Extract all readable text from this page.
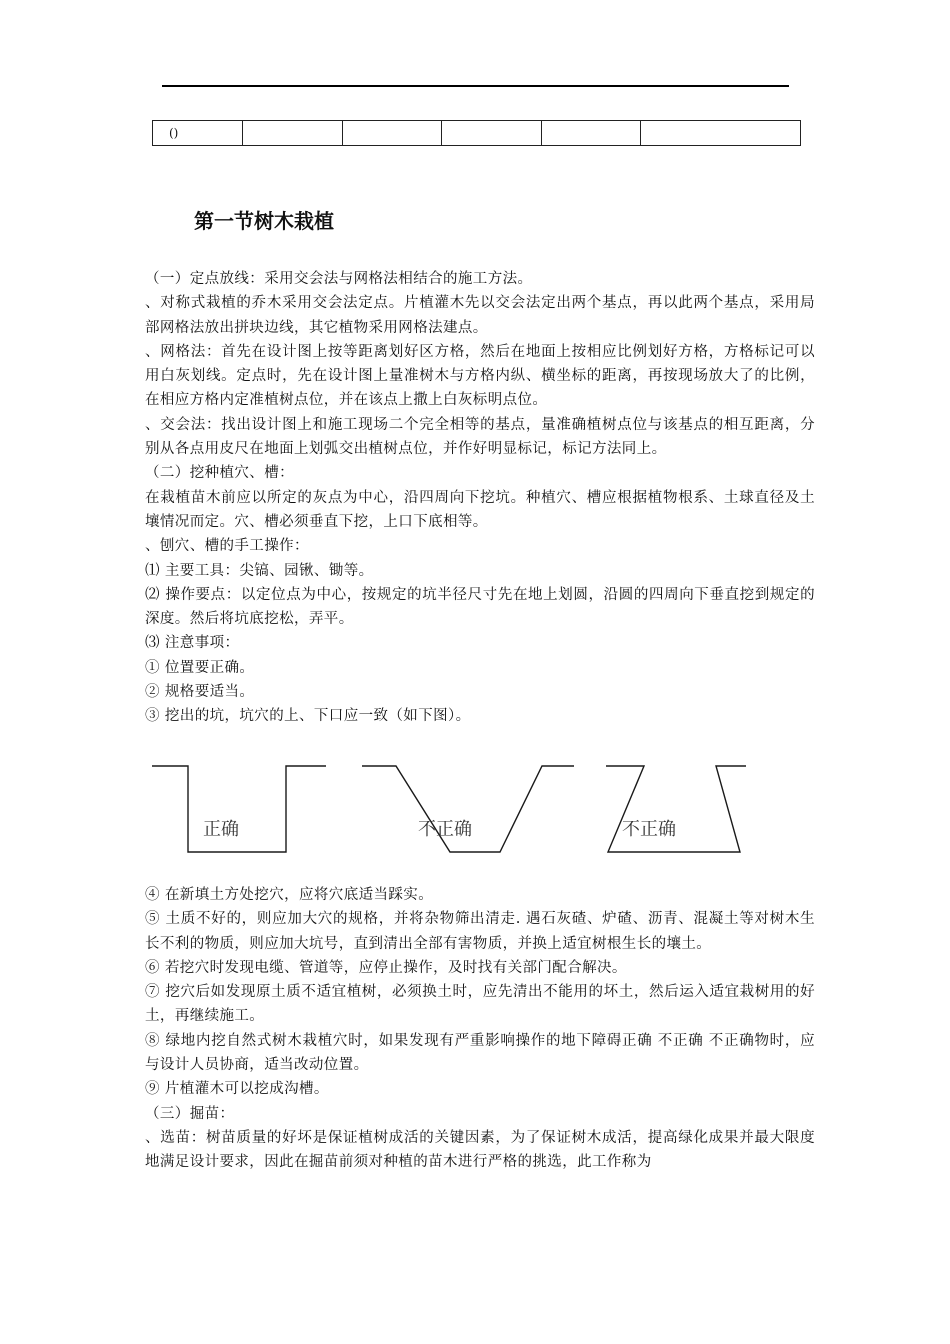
()					
第一节树木栽植

（一）定点放线：采用交会法与网格法相结合的施工方法。

、对称式栽植的乔木采用交会法定点。片植灌木先以交会法定出两个基点，再以此两个基点，采用局部网格法放出拼块边线，其它植物采用网格法建点。

、网格法：首先在设计图上按等距离划好区方格，然后在地面上按相应比例划好方格，方格标记可以用白灰划线。定点时，先在设计图上量准树木与方格内纵、横坐标的距离，再按现场放大了的比例，在相应方格内定准植树点位，并在该点上撒上白灰标明点位。

、交会法：找出设计图上和施工现场二个完全相等的基点，量准确植树点位与该基点的相互距离，分别从各点用皮尺在地面上划弧交出植树点位，并作好明显标记，标记方法同上。

（二）挖种植穴、槽：

在栽植苗木前应以所定的灰点为中心，沿四周向下挖坑。种植穴、槽应根据植物根系、土球直径及土壤情况而定。穴、槽必须垂直下挖，上口下底相等。

、刨穴、槽的手工操作：

⑴ 主要工具：尖镐、园锹、锄等。

⑵ 操作要点：以定位点为中心，按规定的坑半径尺寸先在地上划圆，沿圆的四周向下垂直挖到规定的深度。然后将坑底挖松，弄平。

⑶ 注意事项：

① 位置要正确。

② 规格要适当。

③ 挖出的坑，坑穴的上、下口应一致（如下图）。

正确	不正确	不正确

④ 在新填土方处挖穴，应将穴底适当踩实。

⑤ 土质不好的，则应加大穴的规格，并将杂物筛出清走. 遇石灰碴、炉碴、沥青、混凝土等对树木生长不利的物质，则应加大坑号，直到清出全部有害物质，并换上适宜树根生长的壤土。

⑥ 若挖穴时发现电缆、管道等，应停止操作，及时找有关部门配合解决。

⑦ 挖穴后如发现原土质不适宜植树，必须换土时，应先清出不能用的坏土，然后运入适宜栽树用的好土，再继续施工。

⑧ 绿地内挖自然式树木栽植穴时，如果发现有严重影响操作的地下障碍正确 不正确 不正确物时，应与设计人员协商，适当改动位置。

⑨ 片植灌木可以挖成沟槽。

（三）掘苗：

、选苗：树苗质量的好坏是保证植树成活的关键因素，为了保证树木成活，提高绿化成果并最大限度地满足设计要求，因此在掘苗前须对种植的苗木进行严格的挑选，此工作称为
